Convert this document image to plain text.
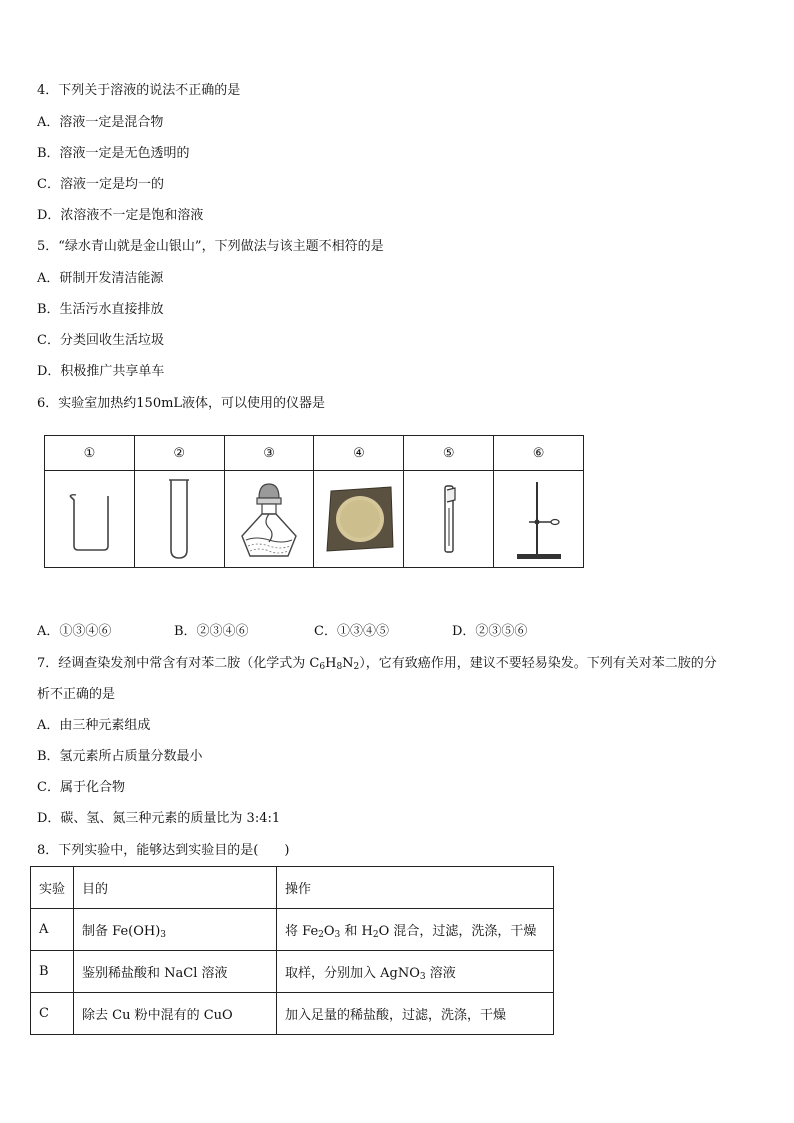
4．下列关于溶液的说法不正确的是
A．溶液一定是混合物
B．溶液一定是无色透明的
C．溶液一定是均一的
D．浓溶液不一定是饱和溶液
5．“绿水青山就是金山银山”，下列做法与该主题不相符的是
A．研制开发清洁能源
B．生活污水直接排放
C．分类回收生活垃圾
D．积极推广共享单车
6．实验室加热约150mL液体，可以使用的仪器是
①	②	③	④	⑤	⑥

A．①③④⑥	B．②③④⑥	C．①③④⑤	D．②③⑤⑥
7．经调查染发剂中常含有对苯二胺（化学式为 $C_6H_8N_2$），它有致癌作用，建议不要轻易染发。下列有关对苯二胺的分
析不正确的是
A．由三种元素组成
B．氢元素所占质量分数最小
C．属于化合物
D．碳、氢、氮三种元素的质量比为 3:4:1
8．下列实验中，能够达到实验目的是(　　)
实验	目的	操作
A	制备 $Fe(OH)_3$	将 $Fe_2O_3$ 和 $H_2O$ 混合，过滤，洗涤，干燥
B	鉴别稀盐酸和 NaCl 溶液	取样，分别加入 AgNO$_3$ 溶液
C	除去 Cu 粉中混有的 CuO	加入足量的稀盐酸，过滤，洗涤，干燥
